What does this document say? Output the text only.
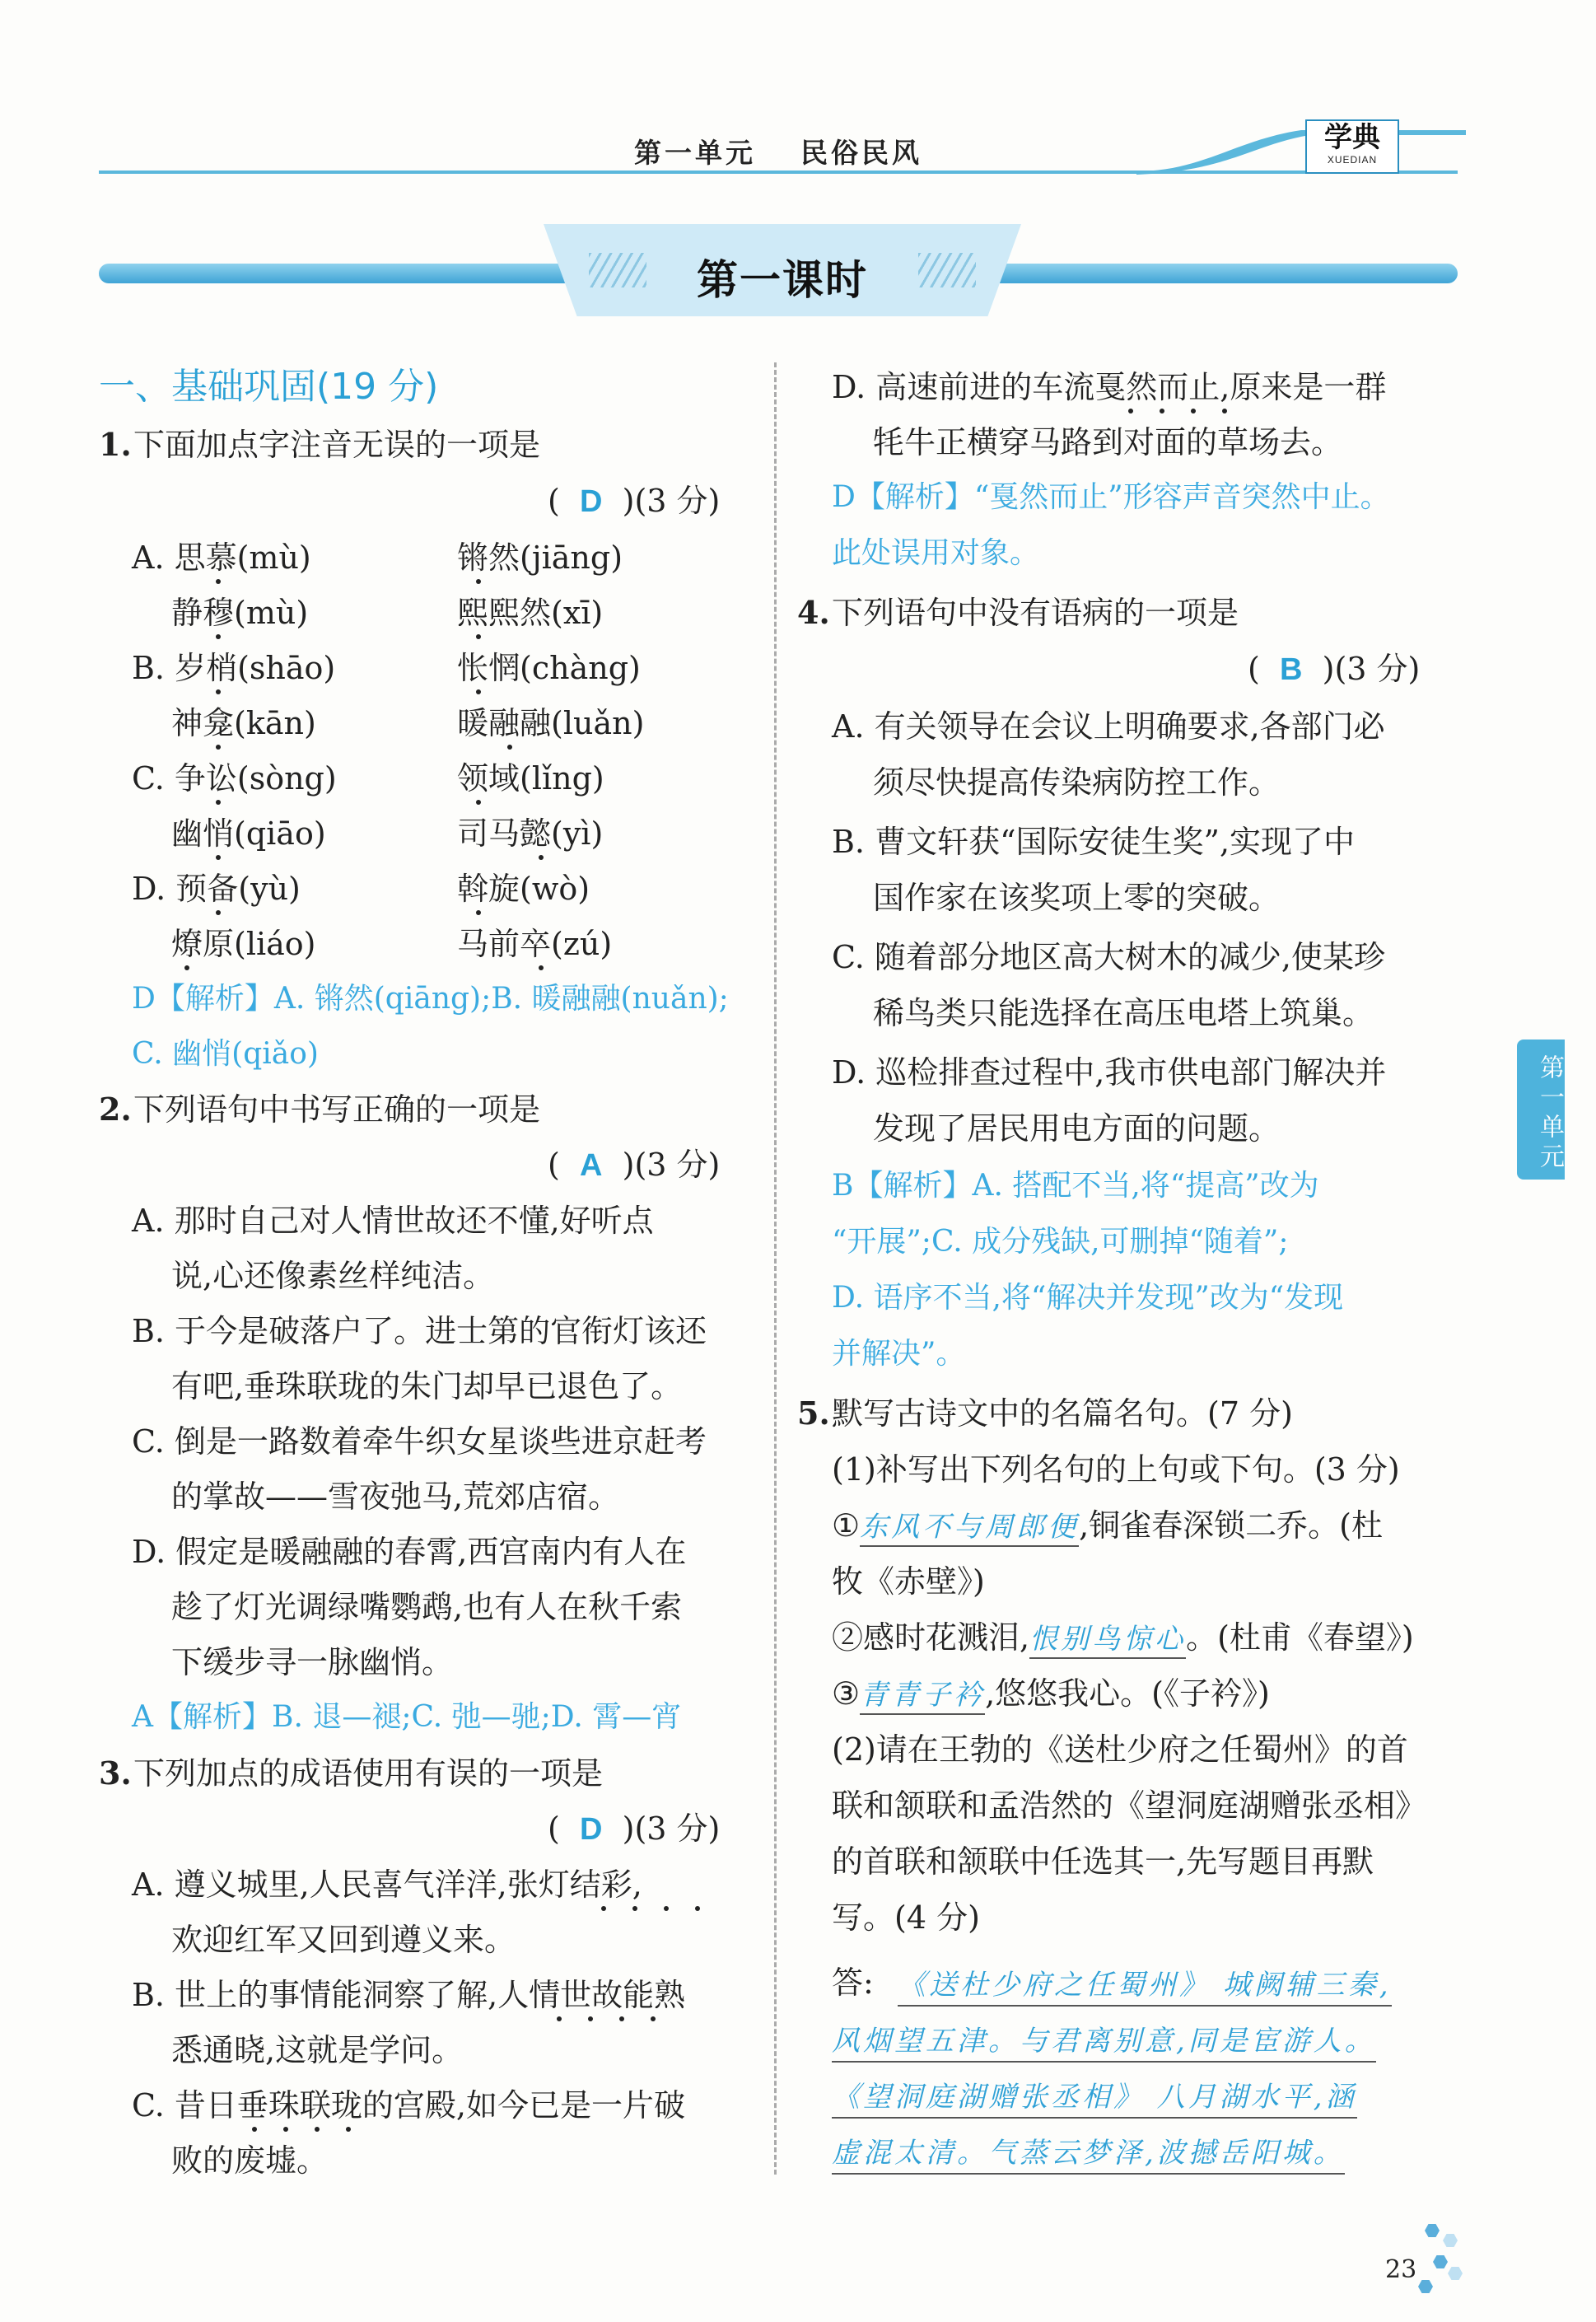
第一单元 民俗民风	学典
XUEDIAN
第一课时
一、基础巩固(19 分)
1. 下面加点字注音无误的一项是
( D )(3 分)
A. 思慕(mù)	锵然(jiāng)
静穆(mù)	熙熙然(xī)
B. 岁梢(shāo)	怅惘(chàng)
神龛(kān)	暖融融(luǎn)
C. 争讼(sòng)	领域(lǐng)
幽悄(qiāo)	司马懿(yì)
D. 预备(yù)	斡旋(wò)
燎原(liáo)	马前卒(zú)
D【解析】A. 锵然(qiāng);B. 暖融融(nuǎn);
C. 幽悄(qiǎo)
2. 下列语句中书写正确的一项是
( A )(3 分)
A. 那时自己对人情世故还不懂,好听点
说,心还像素丝样纯洁。
B. 于今是破落户了。进士第的官衔灯该还
有吧,垂珠联珑的朱门却早已退色了。
C. 倒是一路数着牵牛织女星谈些进京赶考
的掌故——雪夜弛马,荒郊店宿。
D. 假定是暖融融的春霄,西宫南内有人在
趁了灯光调绿嘴鹦鹉,也有人在秋千索
下缓步寻一脉幽悄。
A【解析】B. 退—褪;C. 弛—驰;D. 霄—宵
3. 下列加点的成语使用有误的一项是
( D )(3 分)
A. 遵义城里,人民喜气洋洋,张灯结彩,
欢迎红军又回到遵义来。
B. 世上的事情能洞察了解,人情世故能熟
悉通晓,这就是学问。
C. 昔日垂珠联珑的宫殿,如今已是一片破
败的废墟。
D. 高速前进的车流戛然而止,原来是一群
牦牛正横穿马路到对面的草场去。
D【解析】“戛然而止”形容声音突然中止。
此处误用对象。
4. 下列语句中没有语病的一项是
( B )(3 分)
A. 有关领导在会议上明确要求,各部门必
须尽快提高传染病防控工作。
B. 曹文轩获“国际安徒生奖”,实现了中
国作家在该奖项上零的突破。
C. 随着部分地区高大树木的减少,使某珍
稀鸟类只能选择在高压电塔上筑巢。
D. 巡检排查过程中,我市供电部门解决并
发现了居民用电方面的问题。
B【解析】A. 搭配不当,将“提高”改为
“开展”;C. 成分残缺,可删掉“随着”;
D. 语序不当,将“解决并发现”改为“发现
并解决”。
5. 默写古诗文中的名篇名句。(7 分)
(1)补写出下列名句的上句或下句。(3 分)
①东风不与周郎便,铜雀春深锁二乔。(杜
牧《赤壁》)
②感时花溅泪,恨别鸟惊心。(杜甫《春望》)
③青青子衿,悠悠我心。(《子衿》)
(2)请在王勃的《送杜少府之任蜀州》的首
联和颔联和孟浩然的《望洞庭湖赠张丞相》
的首联和颔联中任选其一,先写题目再默
写。(4 分)
答: 《送杜少府之任蜀州》 城阙辅三秦,
风烟望五津。与君离别意,同是宦游人。
《望洞庭湖赠张丞相》 八月湖水平,涵
虚混太清。气蒸云梦泽,波撼岳阳城。
第一单元
23
